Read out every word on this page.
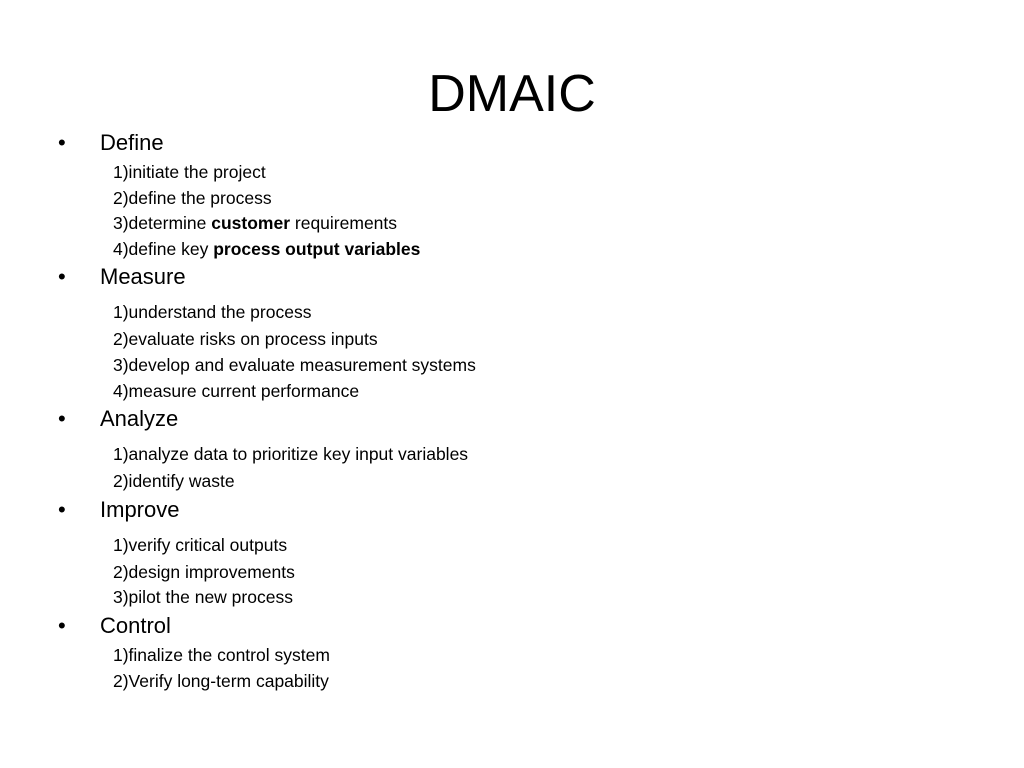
DMAIC
•	Define
1)initiate the project
2)define the process
3)determine customer requirements
4)define key process output variables
•	Measure
1)understand the process
2)evaluate risks on process inputs
3)develop and evaluate measurement systems
4)measure current performance
•	Analyze
1)analyze data to prioritize key input variables
2)identify waste
•	Improve
1)verify critical outputs
2)design improvements
3)pilot the new process
•	Control
1)finalize the control system
2)Verify long-term capability
